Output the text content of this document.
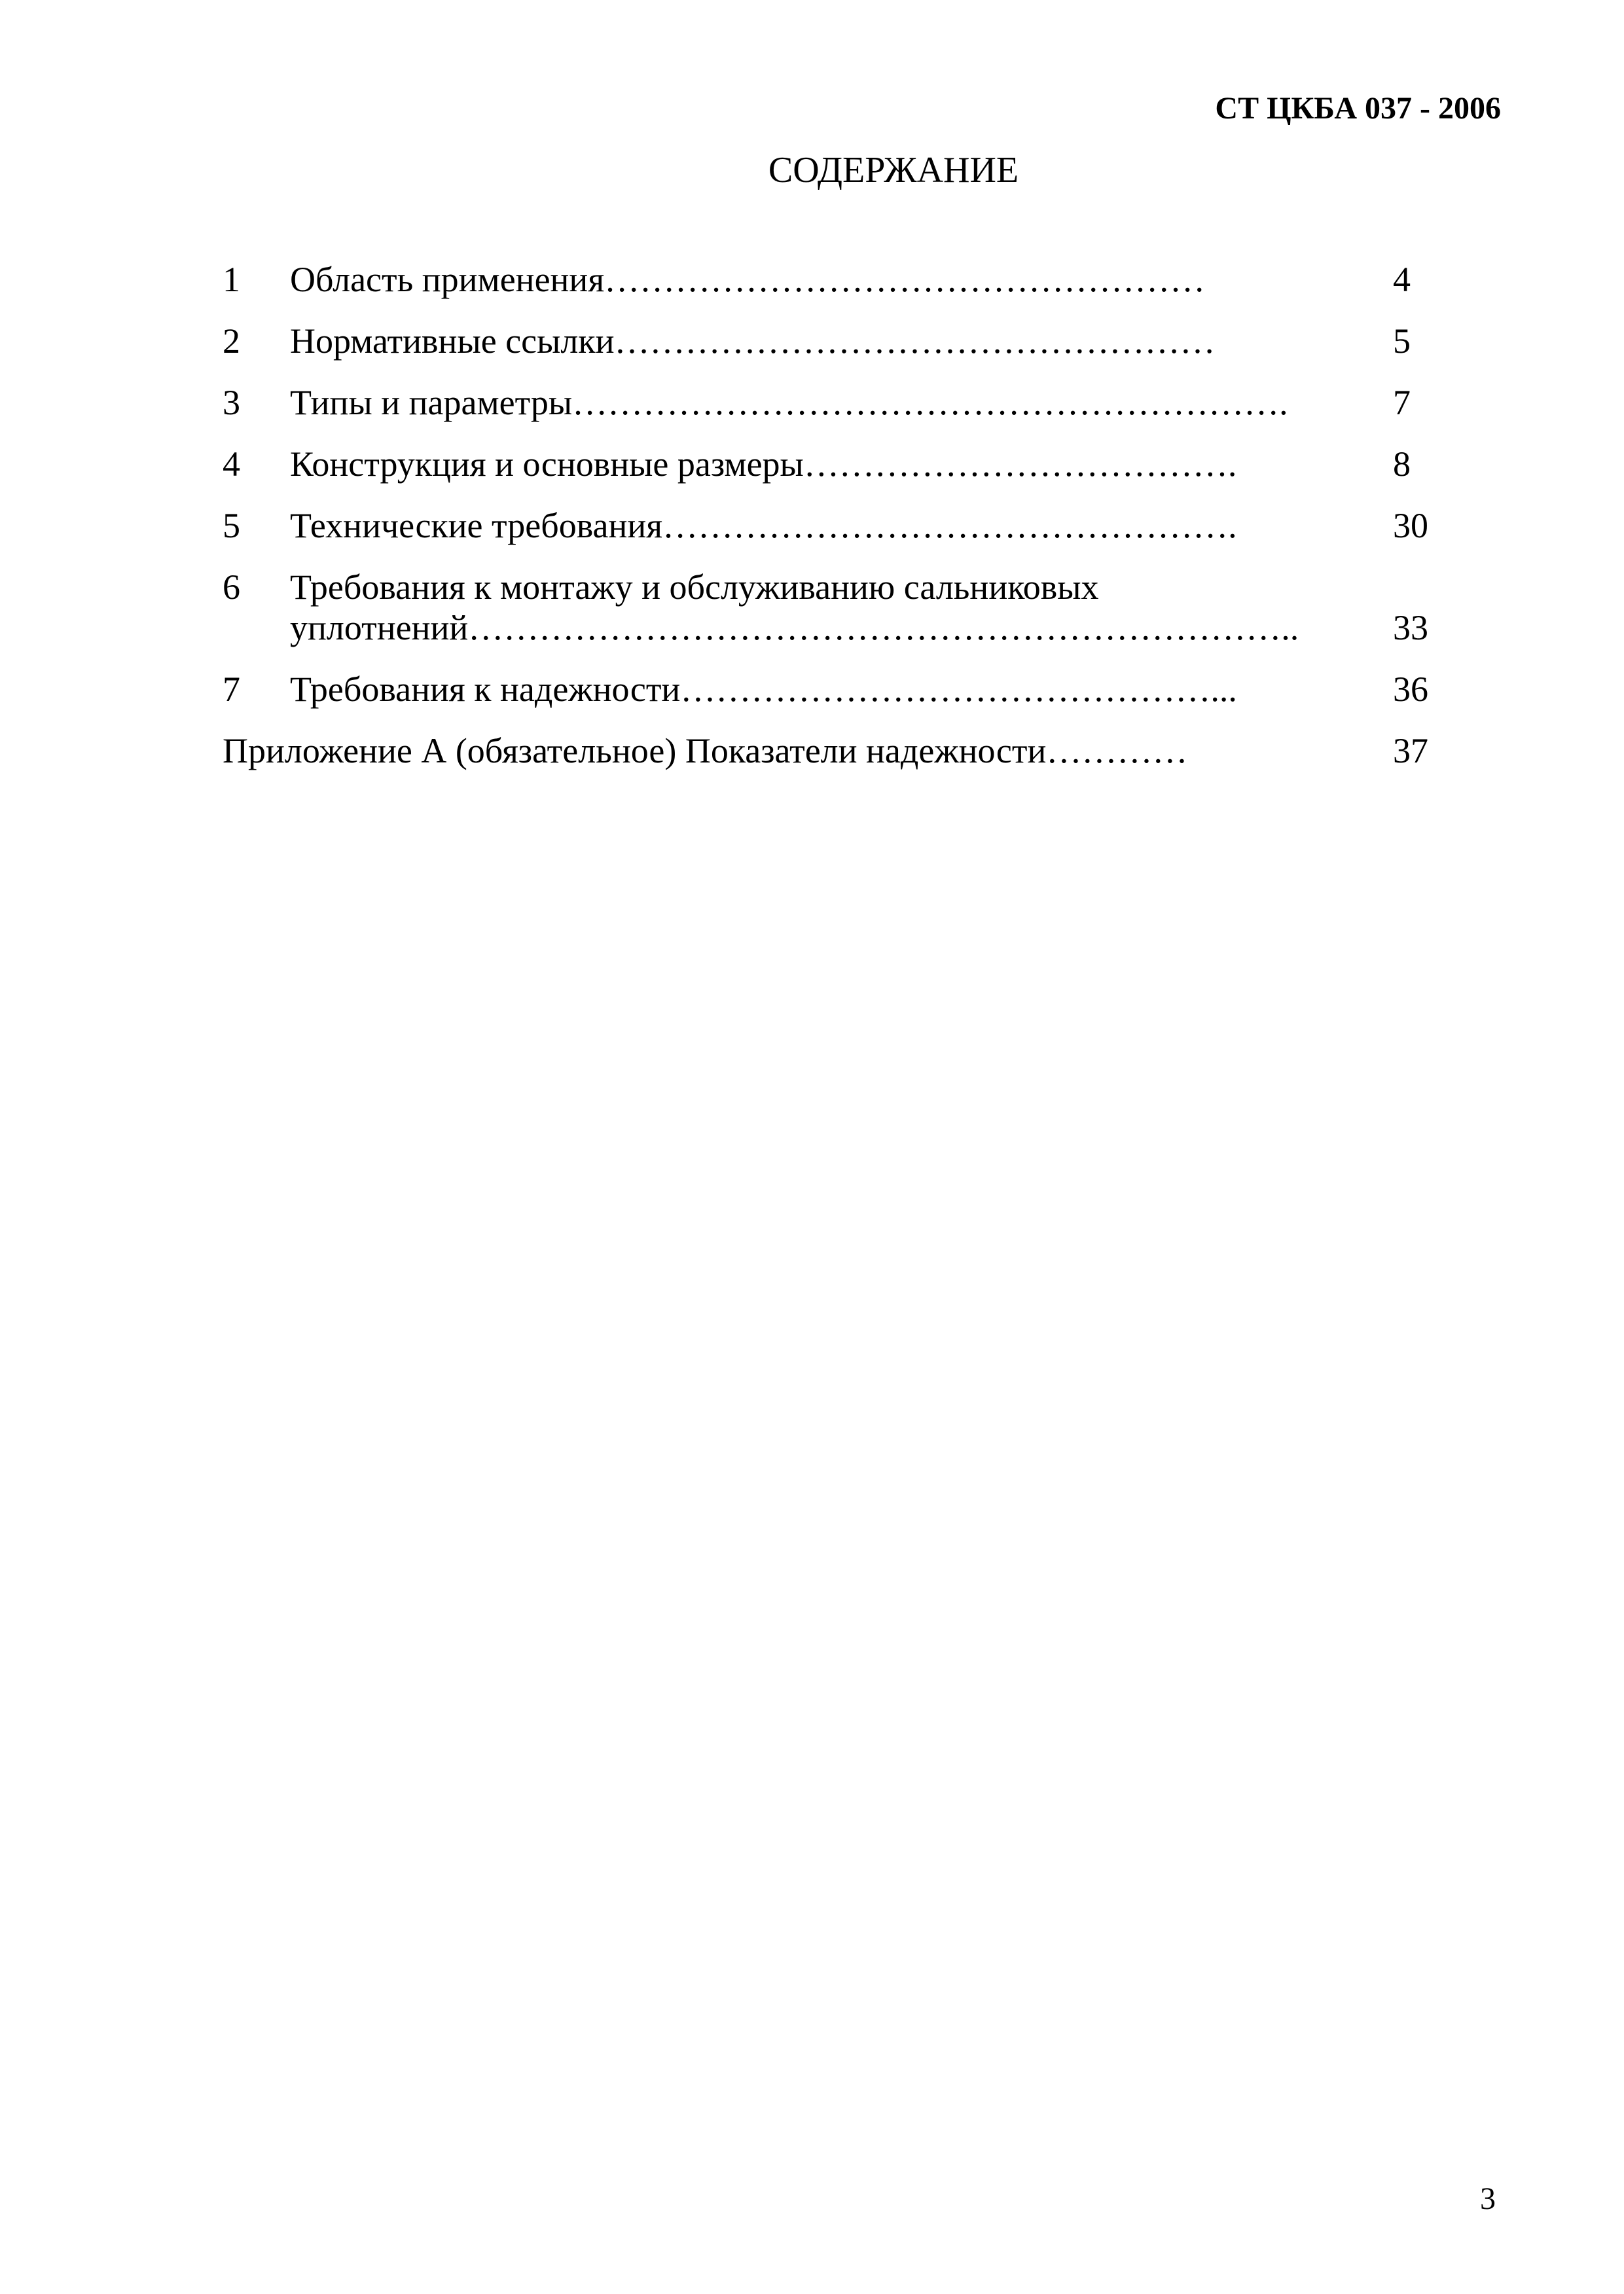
СТ ЦКБА 037 - 2006
СОДЕРЖАНИЕ
1	Область применения……………………………………………	4
2	Нормативные ссылки……………………………………………	5
3	Типы и параметры…………………………………………………….	7
4	Конструкция и основные размеры……………………………….	8
5	Технические требования………………………………………….	30
6	Требования к монтажу и обслуживанию сальниковых
уплотнений……………………………………………………………..	33
7	Требования к надежности………………………………………...	36
Приложение А (обязательное) Показатели надежности…………	37
3
